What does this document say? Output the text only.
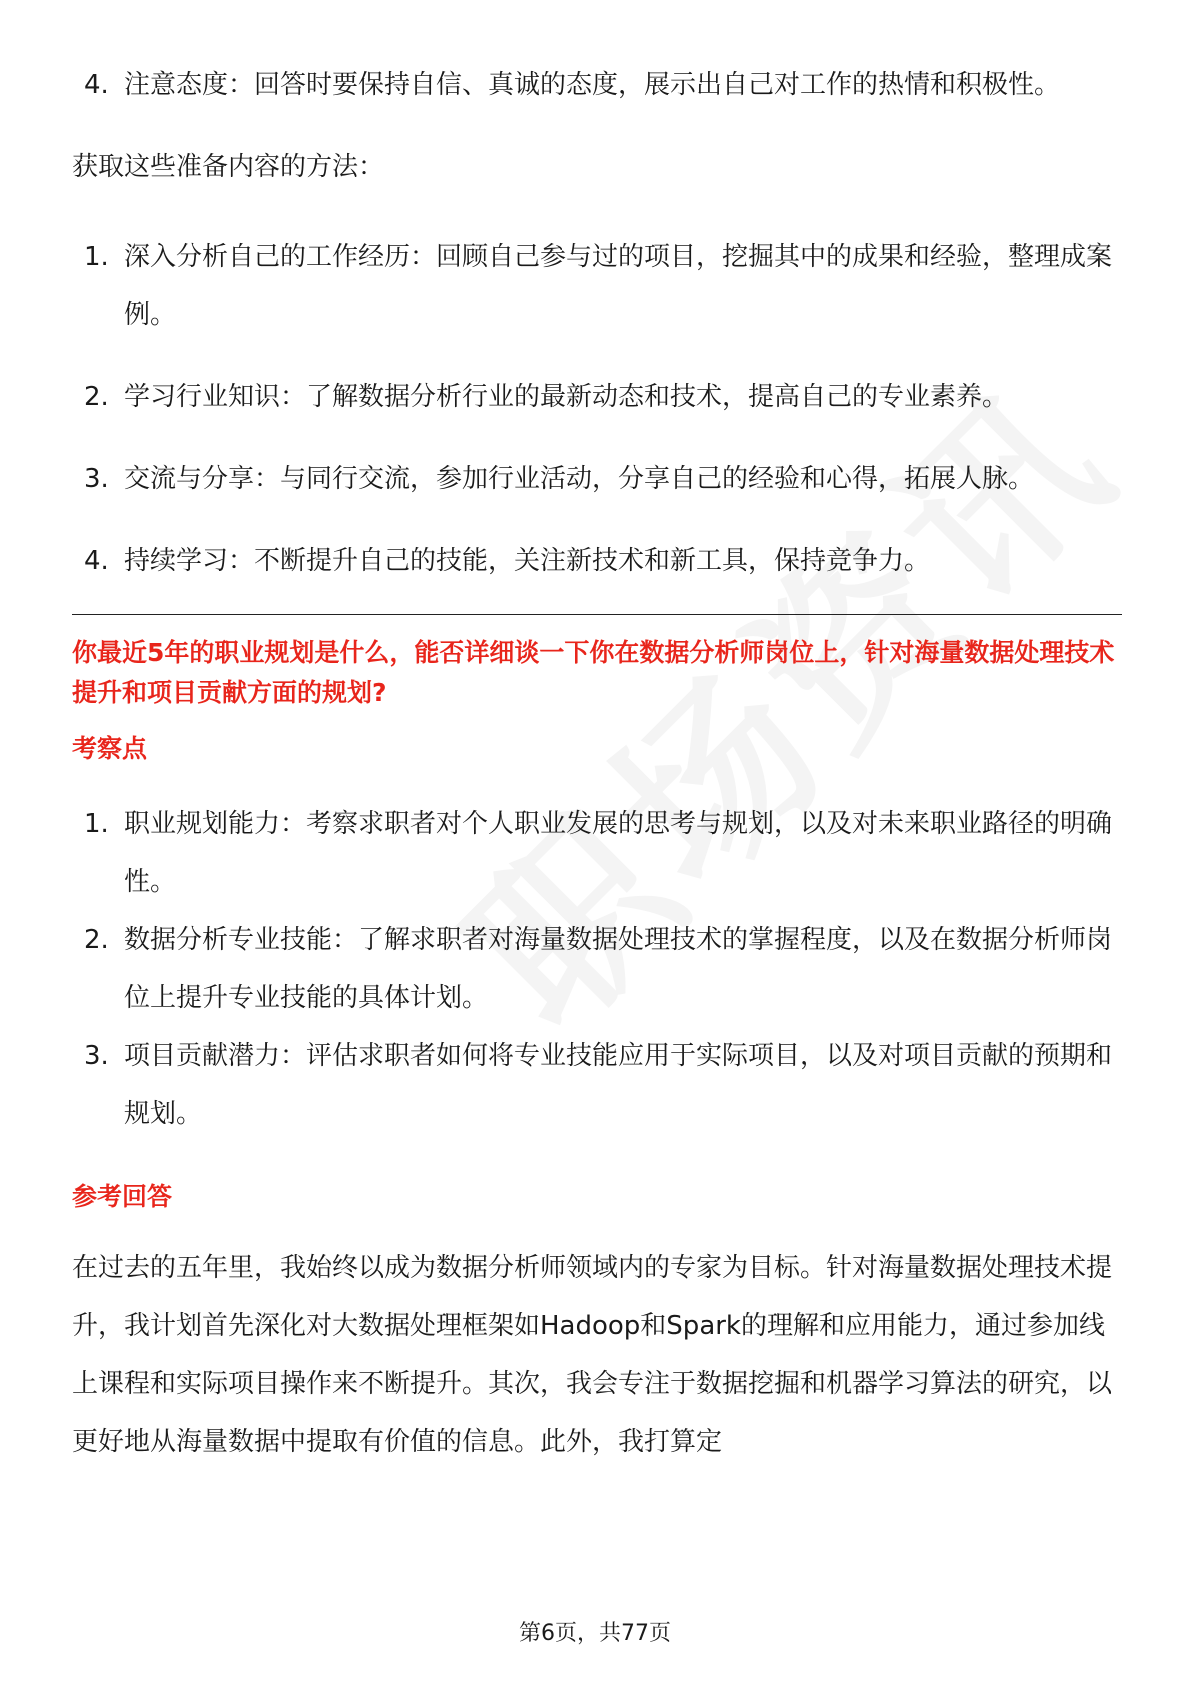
4. 注意态度：回答时要保持自信、真诚的态度，展示出自己对工作的热情和积极性。

获取这些准备内容的方法：

1. 深入分析自己的工作经历：回顾自己参与过的项目，挖掘其中的成果和经验，整理成案例。
2. 学习行业知识：了解数据分析行业的最新动态和技术，提高自己的专业素养。
3. 交流与分享：与同行交流，参加行业活动，分享自己的经验和心得，拓展人脉。
4. 持续学习：不断提升自己的技能，关注新技术和新工具，保持竞争力。

你最近5年的职业规划是什么，能否详细谈一下你在数据分析师岗位上，针对海量数据处理技术提升和项目贡献方面的规划?

考察点

1. 职业规划能力：考察求职者对个人职业发展的思考与规划，以及对未来职业路径的明确性。
2. 数据分析专业技能：了解求职者对海量数据处理技术的掌握程度，以及在数据分析师岗位上提升专业技能的具体计划。
3. 项目贡献潜力：评估求职者如何将专业技能应用于实际项目，以及对项目贡献的预期和规划。

参考回答

在过去的五年里，我始终以成为数据分析师领域内的专家为目标。针对海量数据处理技术提升，我计划首先深化对大数据处理框架如Hadoop和Spark的理解和应用能力，通过参加线上课程和实际项目操作来不断提升。其次，我会专注于数据挖掘和机器学习算法的研究，以更好地从海量数据中提取有价值的信息。此外，我打算定

第6页，共77页
